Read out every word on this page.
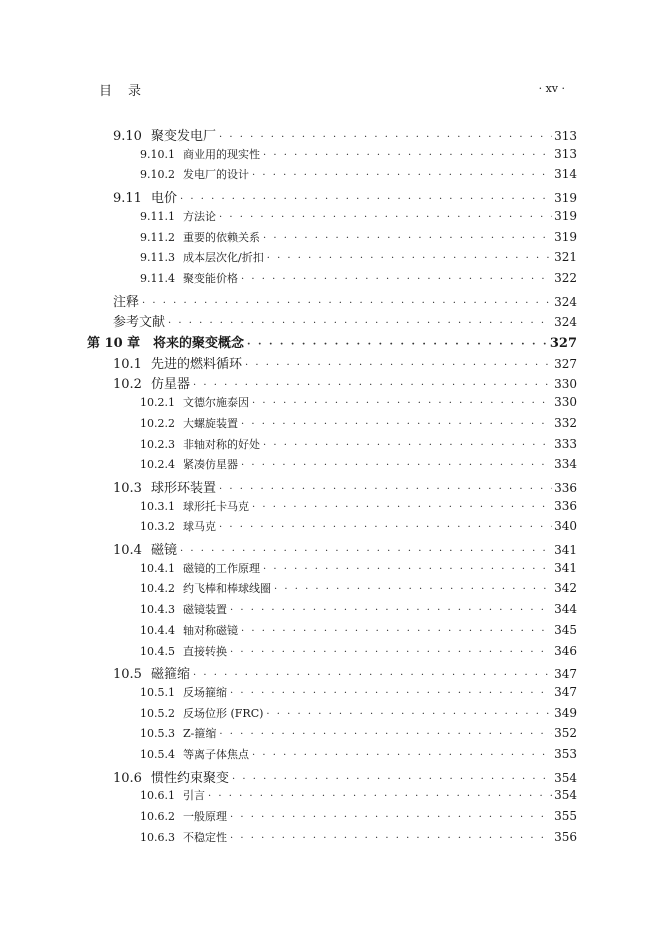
目录	· xv ·
9.10 聚变发电厂 · · ·	313
9.10.1 商业用的现实性 · · ·	313
9.10.2 发电厂的设计 · · ·	314
9.11 电价 · · ·	319
9.11.1 方法论 · · ·	319
9.11.2 重要的依赖关系 · · ·	319
9.11.3 成本层次化/折扣 · · ·	321
9.11.4 聚变能价格 · · ·	322
注释 · · ·	324
参考文献 · · ·	324
第 10 章 将来的聚变概念 · · ·	327
10.1 先进的燃料循环 · · ·	327
10.2 仿星器 · · ·	330
10.2.1 文德尔施泰因 · · ·	330
10.2.2 大螺旋装置 · · ·	332
10.2.3 非轴对称的好处 · · ·	333
10.2.4 紧凑仿星器 · · ·	334
10.3 球形环装置 · · ·	336
10.3.1 球形托卡马克 · · ·	336
10.3.2 球马克 · · ·	340
10.4 磁镜 · · ·	341
10.4.1 磁镜的工作原理 · · ·	341
10.4.2 约飞棒和棒球线圈 · · ·	342
10.4.3 磁镜装置 · · ·	344
10.4.4 轴对称磁镜 · · ·	345
10.4.5 直接转换 · · ·	346
10.5 磁箍缩 · · ·	347
10.5.1 反场箍缩 · · ·	347
10.5.2 反场位形 (FRC) · · ·	349
10.5.3 Z-箍缩 · · ·	352
10.5.4 等离子体焦点 · · ·	353
10.6 惯性约束聚变 · · ·	354
10.6.1 引言 · · ·	354
10.6.2 一般原理 · · ·	355
10.6.3 不稳定性 · · ·	356
